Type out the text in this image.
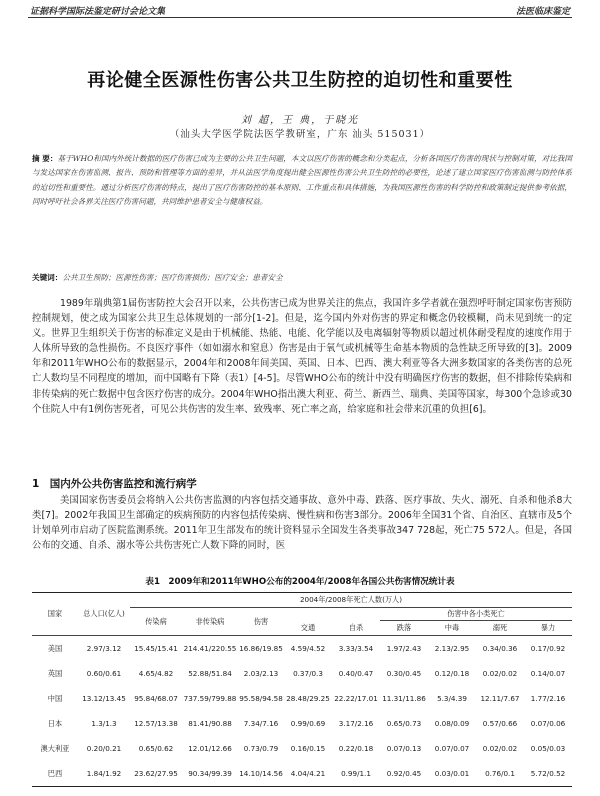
证据科学国际法鉴定研讨会论文集	法医临床鉴定
再论健全医源性伤害公共卫生防控的迫切性和重要性
刘 超，王 典，于晓光
（汕头大学医学院法医学教研室，广东 汕头 515031）
摘 要：基于WHO和国内外统计数据的医疗伤害已成为主要的公共卫生问题，本文以医疗伤害的概念和分类起点，分析各国医疗伤害的现状与控制对策，对比我国与发达国家在伤害监测、报告、预防和管理等方面的差异，并从法医学角度提出健全医源性伤害公共卫生防控的必要性，论述了建立国家医疗伤害监测与防控体系的迫切性和重要性。通过分析医疗伤害的特点，提出了医疗伤害防控的基本原则、工作重点和具体措施，为我国医源性伤害的科学防控和政策制定提供参考依据，同时呼吁社会各界关注医疗伤害问题，共同维护患者安全与健康权益。
关键词：公共卫生预防；医源性伤害；医疗伤害损伤；医疗安全；患者安全
1989年瑞典第1届伤害防控大会召开以来，公共伤害已成为世界关注的焦点，我国许多学者就在强烈呼吁制定国家伤害预防控制规划，使之成为国家公共卫生总体规划的一部分[1-2]。但是，迄今国内外对伤害的界定和概念仍较模糊，尚未见到统一的定义。世界卫生组织关于伤害的标准定义是由于机械能、热能、电能、化学能以及电离辐射等物质以超过机体耐受程度的速度作用于人体所导致的急性损伤。不良医疗事件（如如溺水和窒息）伤害是由于氧气或机械等生命基本物质的急性缺乏所导致的[3]。2009年和2011年WHO公布的数据显示，2004年和2008年间美国、英国、日本、巴西、澳大利亚等各大洲多数国家的各类伤害的总死亡人数均呈不同程度的增加，而中国略有下降（表1）[4-5]。尽管WHO公布的统计中没有明确医疗伤害的数据，但不排除传染病和非传染病的死亡数据中包含医疗伤害的成分。2004年WHO指出澳大利亚、荷兰、新西兰、瑞典、美国等国家，每300个急诊或30个住院人中有1例伤害死者，可见公共伤害的发生率、致残率、死亡率之高，给家庭和社会带来沉重的负担[6]。
1　国内外公共伤害监控和流行病学
美国国家伤害委员会将纳入公共伤害监测的内容包括交通事故、意外中毒、跌落、医疗事故、失火、溺死、自杀和他杀8大类[7]。2002年我国卫生部确定的疾病预防的内容包括传染病、慢性病和伤害3部分。2006年全国31个省、自治区、直辖市及5个计划单列市启动了医院监测系统。2011年卫生部发布的统计资料显示全国发生各类事故347 728起，死亡75 572人。但是，各国公布的交通、自杀、溺水等公共伤害死亡人数下降的同时，医
表1　2009年和2011年WHO公布的2004年/2008年各国公共伤害情况统计表
国家	总人口(亿人)	2004年/2008年死亡人数(万人)								
		传染病	非传染病	伤害			伤害中各小类死亡			
							跌落	中毒	溺死	暴力
					交通	自杀				
美国	2.97/3.12	15.45/15.41	214.41/220.55	16.86/19.85	4.59/4.52	3.33/3.54	1.97/2.43	2.13/2.95	0.34/0.36	0.17/0.92
英国	0.60/0.61	4.65/4.82	52.88/51.84	2.03/2.13	0.37/0.3	0.40/0.47	0.30/0.45	0.12/0.18	0.02/0.02	0.14/0.07
中国	13.12/13.45	95.84/68.07	737.59/799.88	95.58/94.58	28.48/29.25	22.22/17.01	11.31/11.86	5.3/4.39	12.11/7.67	1.77/2.16
日本	1.3/1.3	12.57/13.38	81.41/90.88	7.34/7.16	0.99/0.69	3.17/2.16	0.65/0.73	0.08/0.09	0.57/0.66	0.07/0.06
澳大利亚	0.20/0.21	0.65/0.62	12.01/12.66	0.73/0.79	0.16/0.15	0.22/0.18	0.07/0.13	0.07/0.07	0.02/0.02	0.05/0.03
巴西	1.84/1.92	23.62/27.95	90.34/99.39	14.10/14.56	4.04/4.21	0.99/1.1	0.92/0.45	0.03/0.01	0.76/0.1	5.72/0.52
